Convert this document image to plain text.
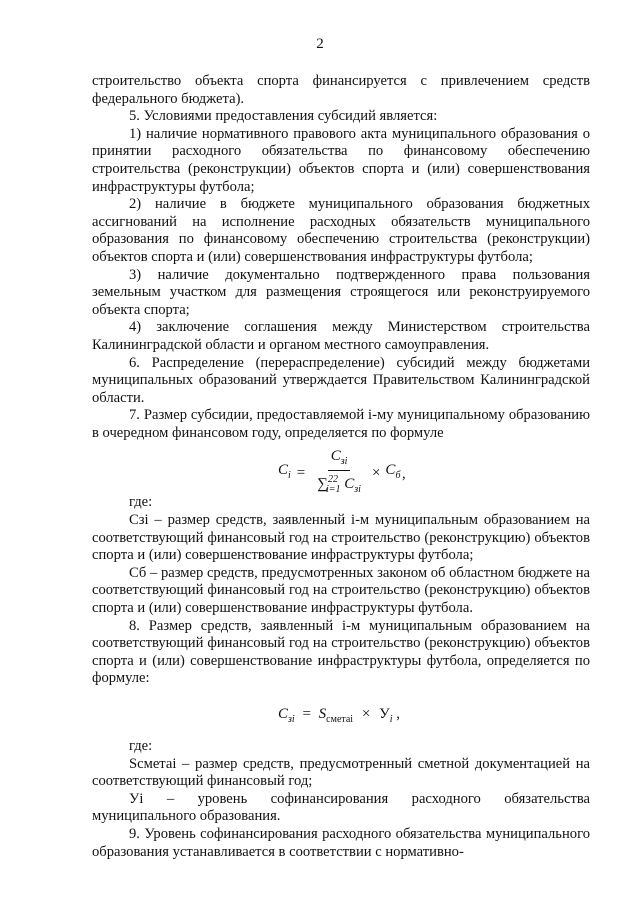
2

строительство объекта спорта финансируется с привлечением средств федерального бюджета).

5. Условиями предоставления субсидий является:

1) наличие нормативного правового акта муниципального образования о принятии расходного обязательства по финансовому обеспечению строительства (реконструкции) объектов спорта и (или) совершенствования инфраструктуры футбола;

2) наличие в бюджете муниципального образования бюджетных ассигнований на исполнение расходных обязательств муниципального образования по финансовому обеспечению строительства (реконструкции) объектов спорта и (или) совершенствования инфраструктуры футбола;

3) наличие документально подтвержденного права пользования земельным участком для размещения строящегося или реконструируемого объекта спорта;

4) заключение соглашения между Министерством строительства Калининградской области и органом местного самоуправления.

6. Распределение (перераспределение) субсидий между бюджетами муниципальных образований утверждается Правительством Калининградской области.

7. Размер субсидии, предоставляемой i-му муниципальному образованию в очередном финансовом году, определяется по формуле

$C_i = \frac{C_{зi}}{\sum^{22}_{i=1} C_{зi}} \times C_б$ ,

где:

Сзi – размер средств, заявленный i-м муниципальным образованием на соответствующий финансовый год на строительство (реконструкцию) объектов спорта и (или) совершенствование инфраструктуры футбола;

Сб – размер средств, предусмотренных законом об областном бюджете на соответствующий финансовый год на строительство (реконструкцию) объектов спорта и (или) совершенствование инфраструктуры футбола.

8. Размер средств, заявленный i-м муниципальным образованием на соответствующий финансовый год на строительство (реконструкцию) объектов спорта и (или) совершенствование инфраструктуры футбола, определяется по формуле:

$C_{зi} = S_{сметаi} \times У_i$ ,

где:

Sсметаi – размер средств, предусмотренный сметной документацией на соответствующий финансовый год;

Уi – уровень софинансирования расходного обязательства муниципального образования.

9. Уровень софинансирования расходного обязательства муниципального образования устанавливается в соответствии с нормативно-
